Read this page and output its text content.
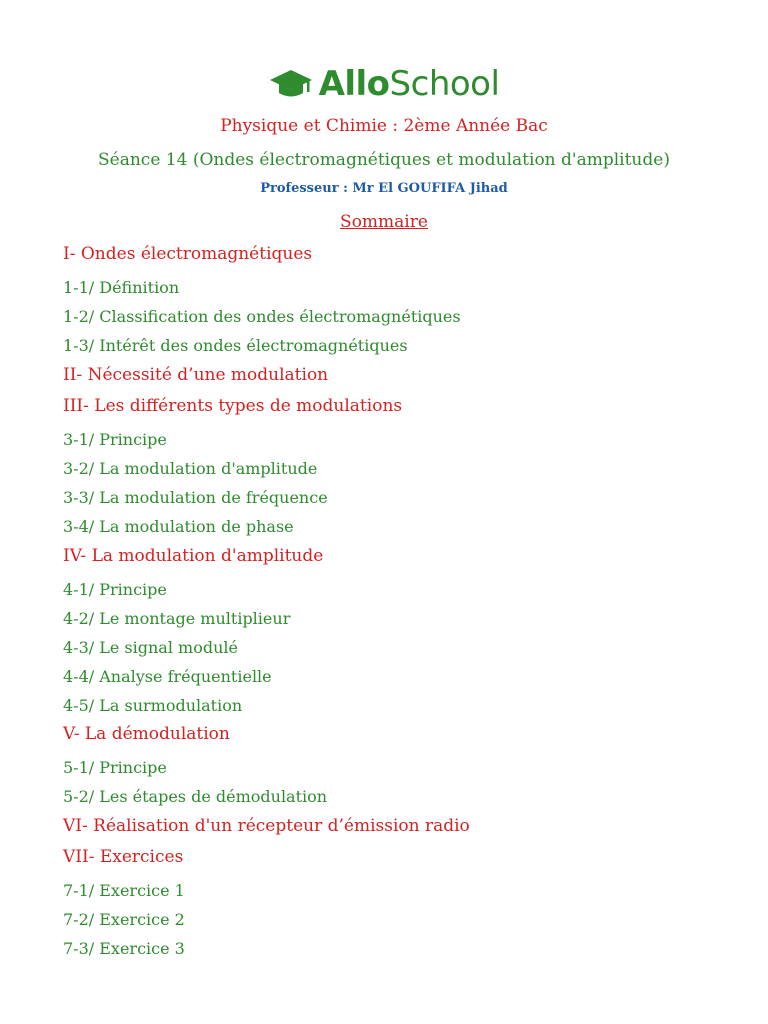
AlloSchool
Physique et Chimie : 2ème Année Bac
Séance 14 (Ondes électromagnétiques et modulation d'amplitude)
Professeur : Mr El GOUFIFA Jihad
Sommaire
I- Ondes électromagnétiques
1-1/ Définition
1-2/ Classification des ondes électromagnétiques
1-3/ Intérêt des ondes électromagnétiques
II- Nécessité d’une modulation
III- Les différents types de modulations
3-1/ Principe
3-2/ La modulation d'amplitude
3-3/ La modulation de fréquence
3-4/ La modulation de phase
IV- La modulation d'amplitude
4-1/ Principe
4-2/ Le montage multiplieur
4-3/ Le signal modulé
4-4/ Analyse fréquentielle
4-5/ La surmodulation
V- La démodulation
5-1/ Principe
5-2/ Les étapes de démodulation
VI- Réalisation d'un récepteur d’émission radio
VII- Exercices
7-1/ Exercice 1
7-2/ Exercice 2
7-3/ Exercice 3
